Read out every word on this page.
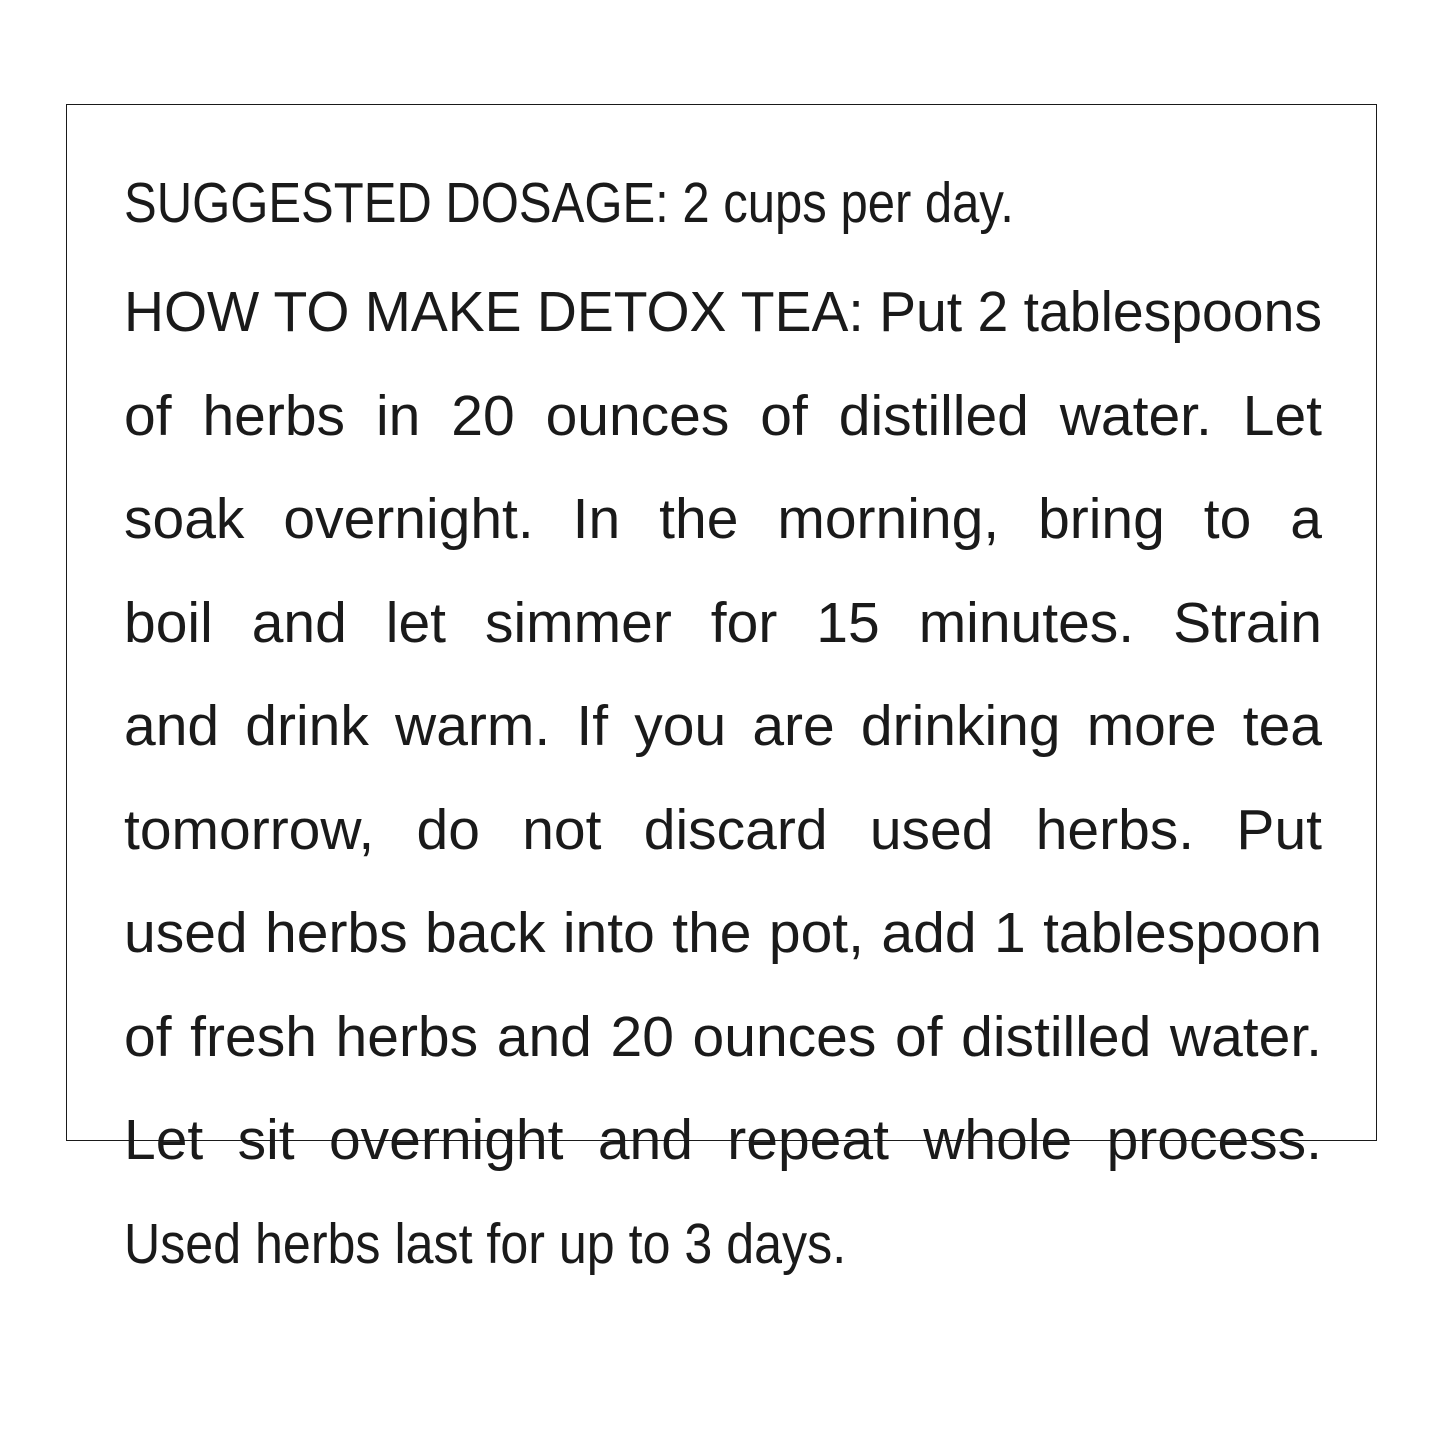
SUGGESTED DOSAGE: 2 cups per day.
HOW TO MAKE DETOX TEA: Put 2 tablespoons
of herbs in 20 ounces of distilled water. Let
soak overnight. In the morning, bring to a
boil and let simmer for 15 minutes. Strain
and drink warm. If you are drinking more tea
tomorrow, do not discard used herbs. Put
used herbs back into the pot, add 1 tablespoon
of fresh herbs and 20 ounces of distilled water.
Let sit overnight and repeat whole process.
Used herbs last for up to 3 days.
